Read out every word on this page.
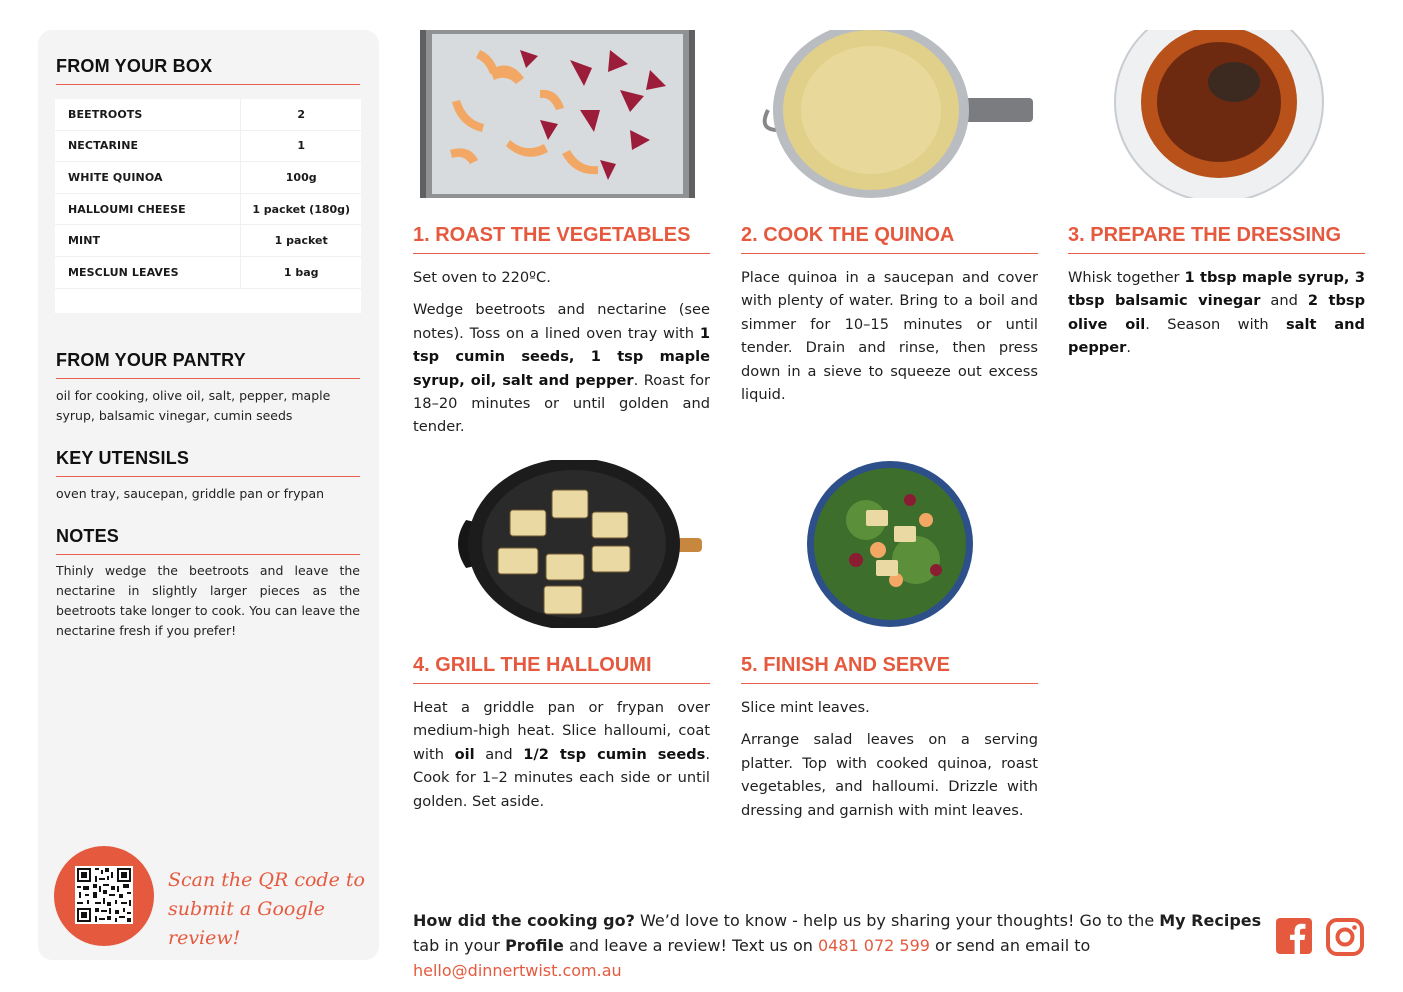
FROM YOUR BOX
BEETROOTS	2
NECTARINE	1
WHITE QUINOA	100g
HALLOUMI CHEESE	1 packet (180g)
MINT	1 packet
MESCLUN LEAVES	1 bag
FROM YOUR PANTRY
oil for cooking, olive oil, salt, pepper, maple syrup, balsamic vinegar, cumin seeds
KEY UTENSILS
oven tray, saucepan, griddle pan or frypan
NOTES
Thinly wedge the beetroots and leave the nectarine in slightly larger pieces as the beetroots take longer to cook. You can leave the nectarine fresh if you prefer!
Scan the QR code to
submit a Google review!
1. ROAST THE VEGETABLES

Set oven to 220ºC.

Wedge beetroots and nectarine (see notes). Toss on a lined oven tray with 1 tsp cumin seeds, 1 tsp maple syrup, oil, salt and pepper. Roast for 18–20 minutes or until golden and tender.

2. COOK THE QUINOA

Place quinoa in a saucepan and cover with plenty of water. Bring to a boil and simmer for 10–15 minutes or until tender. Drain and rinse, then press down in a sieve to squeeze out excess liquid.

3. PREPARE THE DRESSING

Whisk together 1 tbsp maple syrup, 3 tbsp balsamic vinegar and 2 tbsp olive oil. Season with salt and pepper.

4. GRILL THE HALLOUMI

Heat a griddle pan or frypan over medium-high heat. Slice halloumi, coat with oil and 1/2 tsp cumin seeds. Cook for 1–2 minutes each side or until golden. Set aside.

5. FINISH AND SERVE

Slice mint leaves.

Arrange salad leaves on a serving platter. Top with cooked quinoa, roast vegetables, and halloumi. Drizzle with dressing and garnish with mint leaves.

How did the cooking go? We’d love to know - help us by sharing your thoughts! Go to the My Recipes tab in your Profile and leave a review! Text us on 0481 072 599 or send an email to hello@dinnertwist.com.au
